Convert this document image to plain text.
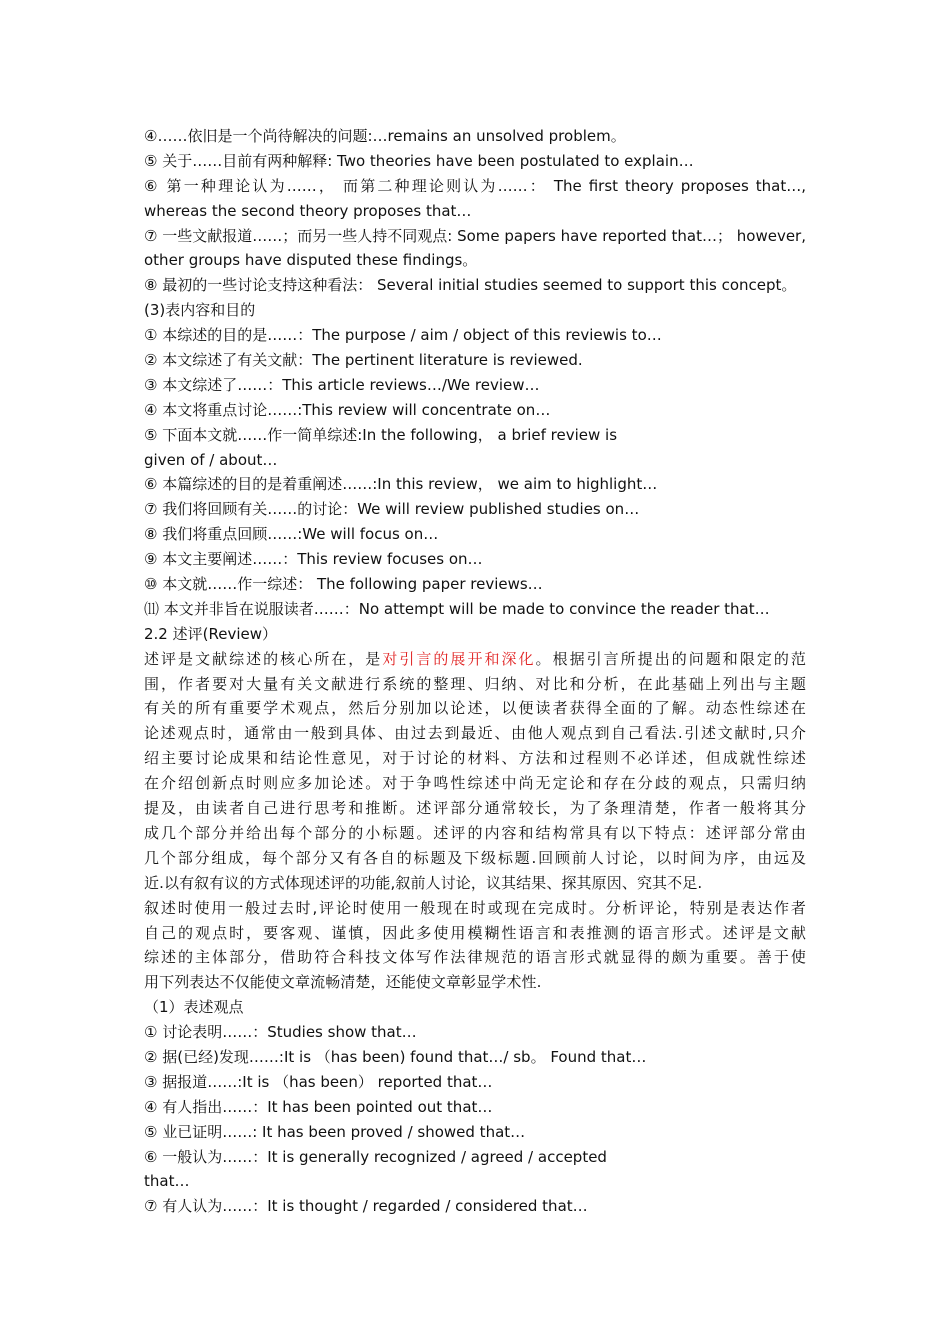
④……依旧是一个尚待解决的问题:…remains an unsolved problem。
⑤ 关于……目前有两种解释: Two theories have been postulated to explain…
⑥ 第一种理论认为……， 而第二种理论则认为……： The first theory proposes that…,
whereas the second theory proposes that…
⑦ 一些文献报道……；而另一些人持不同观点: Some papers have reported that…； however,
other groups have disputed these findings。
⑧ 最初的一些讨论支持这种看法： Several initial studies seemed to support this concept。
(3)表内容和目的
① 本综述的目的是……：The purpose / aim / object of this reviewis to…
② 本文综述了有关文献：The pertinent literature is reviewed.
③ 本文综述了……：This article reviews…/We review…
④ 本文将重点讨论……:This review will concentrate on…
⑤ 下面本文就……作一简单综述:In the following， a brief review is
given of / about…
⑥ 本篇综述的目的是着重阐述……:In this review， we aim to highlight…
⑦ 我们将回顾有关……的讨论：We will review published studies on…
⑧ 我们将重点回顾……:We will focus on…
⑨ 本文主要阐述……：This review focuses on…
⑩ 本文就……作一综述： The following paper reviews…
⑾ 本文并非旨在说服读者……：No attempt will be made to convince the reader that…
2.2 述评(Review）
述评是文献综述的核心所在，是对引言的展开和深化。根据引言所提出的问题和限定的范
围，作者要对大量有关文献进行系统的整理、归纳、对比和分析，在此基础上列出与主题
有关的所有重要学术观点，然后分别加以论述，以便读者获得全面的了解。动态性综述在
论述观点时，通常由一般到具体、由过去到最近、由他人观点到自己看法.引述文献时,只介
绍主要讨论成果和结论性意见，对于讨论的材料、方法和过程则不必详述，但成就性综述
在介绍创新点时则应多加论述。对于争鸣性综述中尚无定论和存在分歧的观点，只需归纳
提及，由读者自己进行思考和推断。述评部分通常较长，为了条理清楚，作者一般将其分
成几个部分并给出每个部分的小标题。述评的内容和结构常具有以下特点：述评部分常由
几个部分组成，每个部分又有各自的标题及下级标题.回顾前人讨论，以时间为序，由远及
近.以有叙有议的方式体现述评的功能,叙前人讨论，议其结果、探其原因、究其不足.
叙述时使用一般过去时,评论时使用一般现在时或现在完成时。分析评论，特别是表达作者
自己的观点时，要客观、谨慎，因此多使用模糊性语言和表推测的语言形式。述评是文献
综述的主体部分，借助符合科技文体写作法律规范的语言形式就显得的颇为重要。善于使
用下列表达不仅能使文章流畅清楚，还能使文章彰显学术性.
（1）表述观点
① 讨论表明……：Studies show that…
② 据(已经)发现……:It is （has been) found that…/ sb。 Found that…
③ 据报道……:It is （has been） reported that…
④ 有人指出……：It has been pointed out that…
⑤ 业已证明……: It has been proved / showed that…
⑥ 一般认为……：It is generally recognized / agreed / accepted
that…
⑦ 有人认为……：It is thought / regarded / considered that…
